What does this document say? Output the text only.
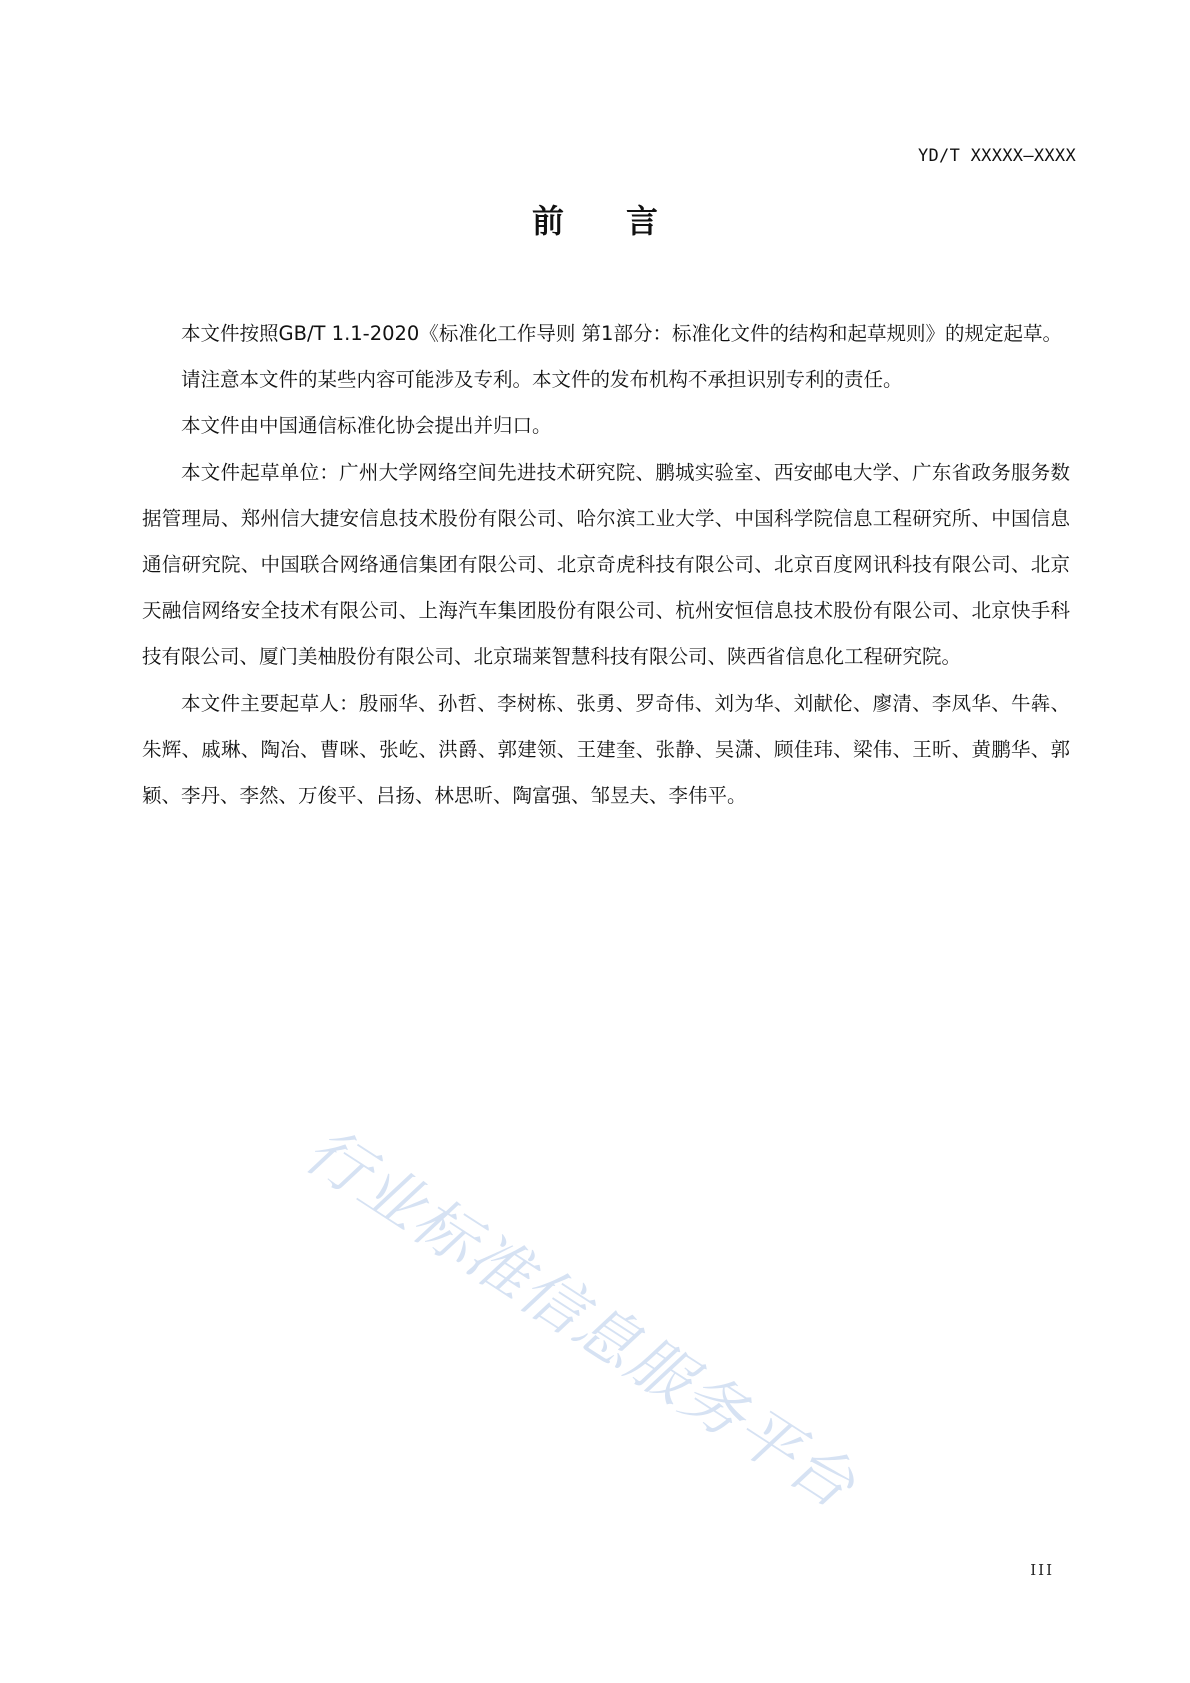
YD/T XXXXX—XXXX
前言

本文件按照GB/T 1.1-2020《标准化工作导则 第1部分：标准化文件的结构和起草规则》的规定起草。

请注意本文件的某些内容可能涉及专利。本文件的发布机构不承担识别专利的责任。

本文件由中国通信标准化协会提出并归口。

本文件起草单位：广州大学网络空间先进技术研究院、鹏城实验室、西安邮电大学、广东省政务服务数据管理局、郑州信大捷安信息技术股份有限公司、哈尔滨工业大学、中国科学院信息工程研究所、中国信息通信研究院、中国联合网络通信集团有限公司、北京奇虎科技有限公司、北京百度网讯科技有限公司、北京天融信网络安全技术有限公司、上海汽车集团股份有限公司、杭州安恒信息技术股份有限公司、北京快手科技有限公司、厦门美柚股份有限公司、北京瑞莱智慧科技有限公司、陕西省信息化工程研究院。

本文件主要起草人：殷丽华、孙哲、李树栋、张勇、罗奇伟、刘为华、刘献伦、廖清、李凤华、牛犇、朱辉、戚琳、陶冶、曹咪、张屹、洪爵、郭建领、王建奎、张静、吴潇、顾佳玮、梁伟、王昕、黄鹏华、郭颖、李丹、李然、万俊平、吕扬、林思昕、陶富强、邹昱夫、李伟平。

行业标准信息服务平台
III
